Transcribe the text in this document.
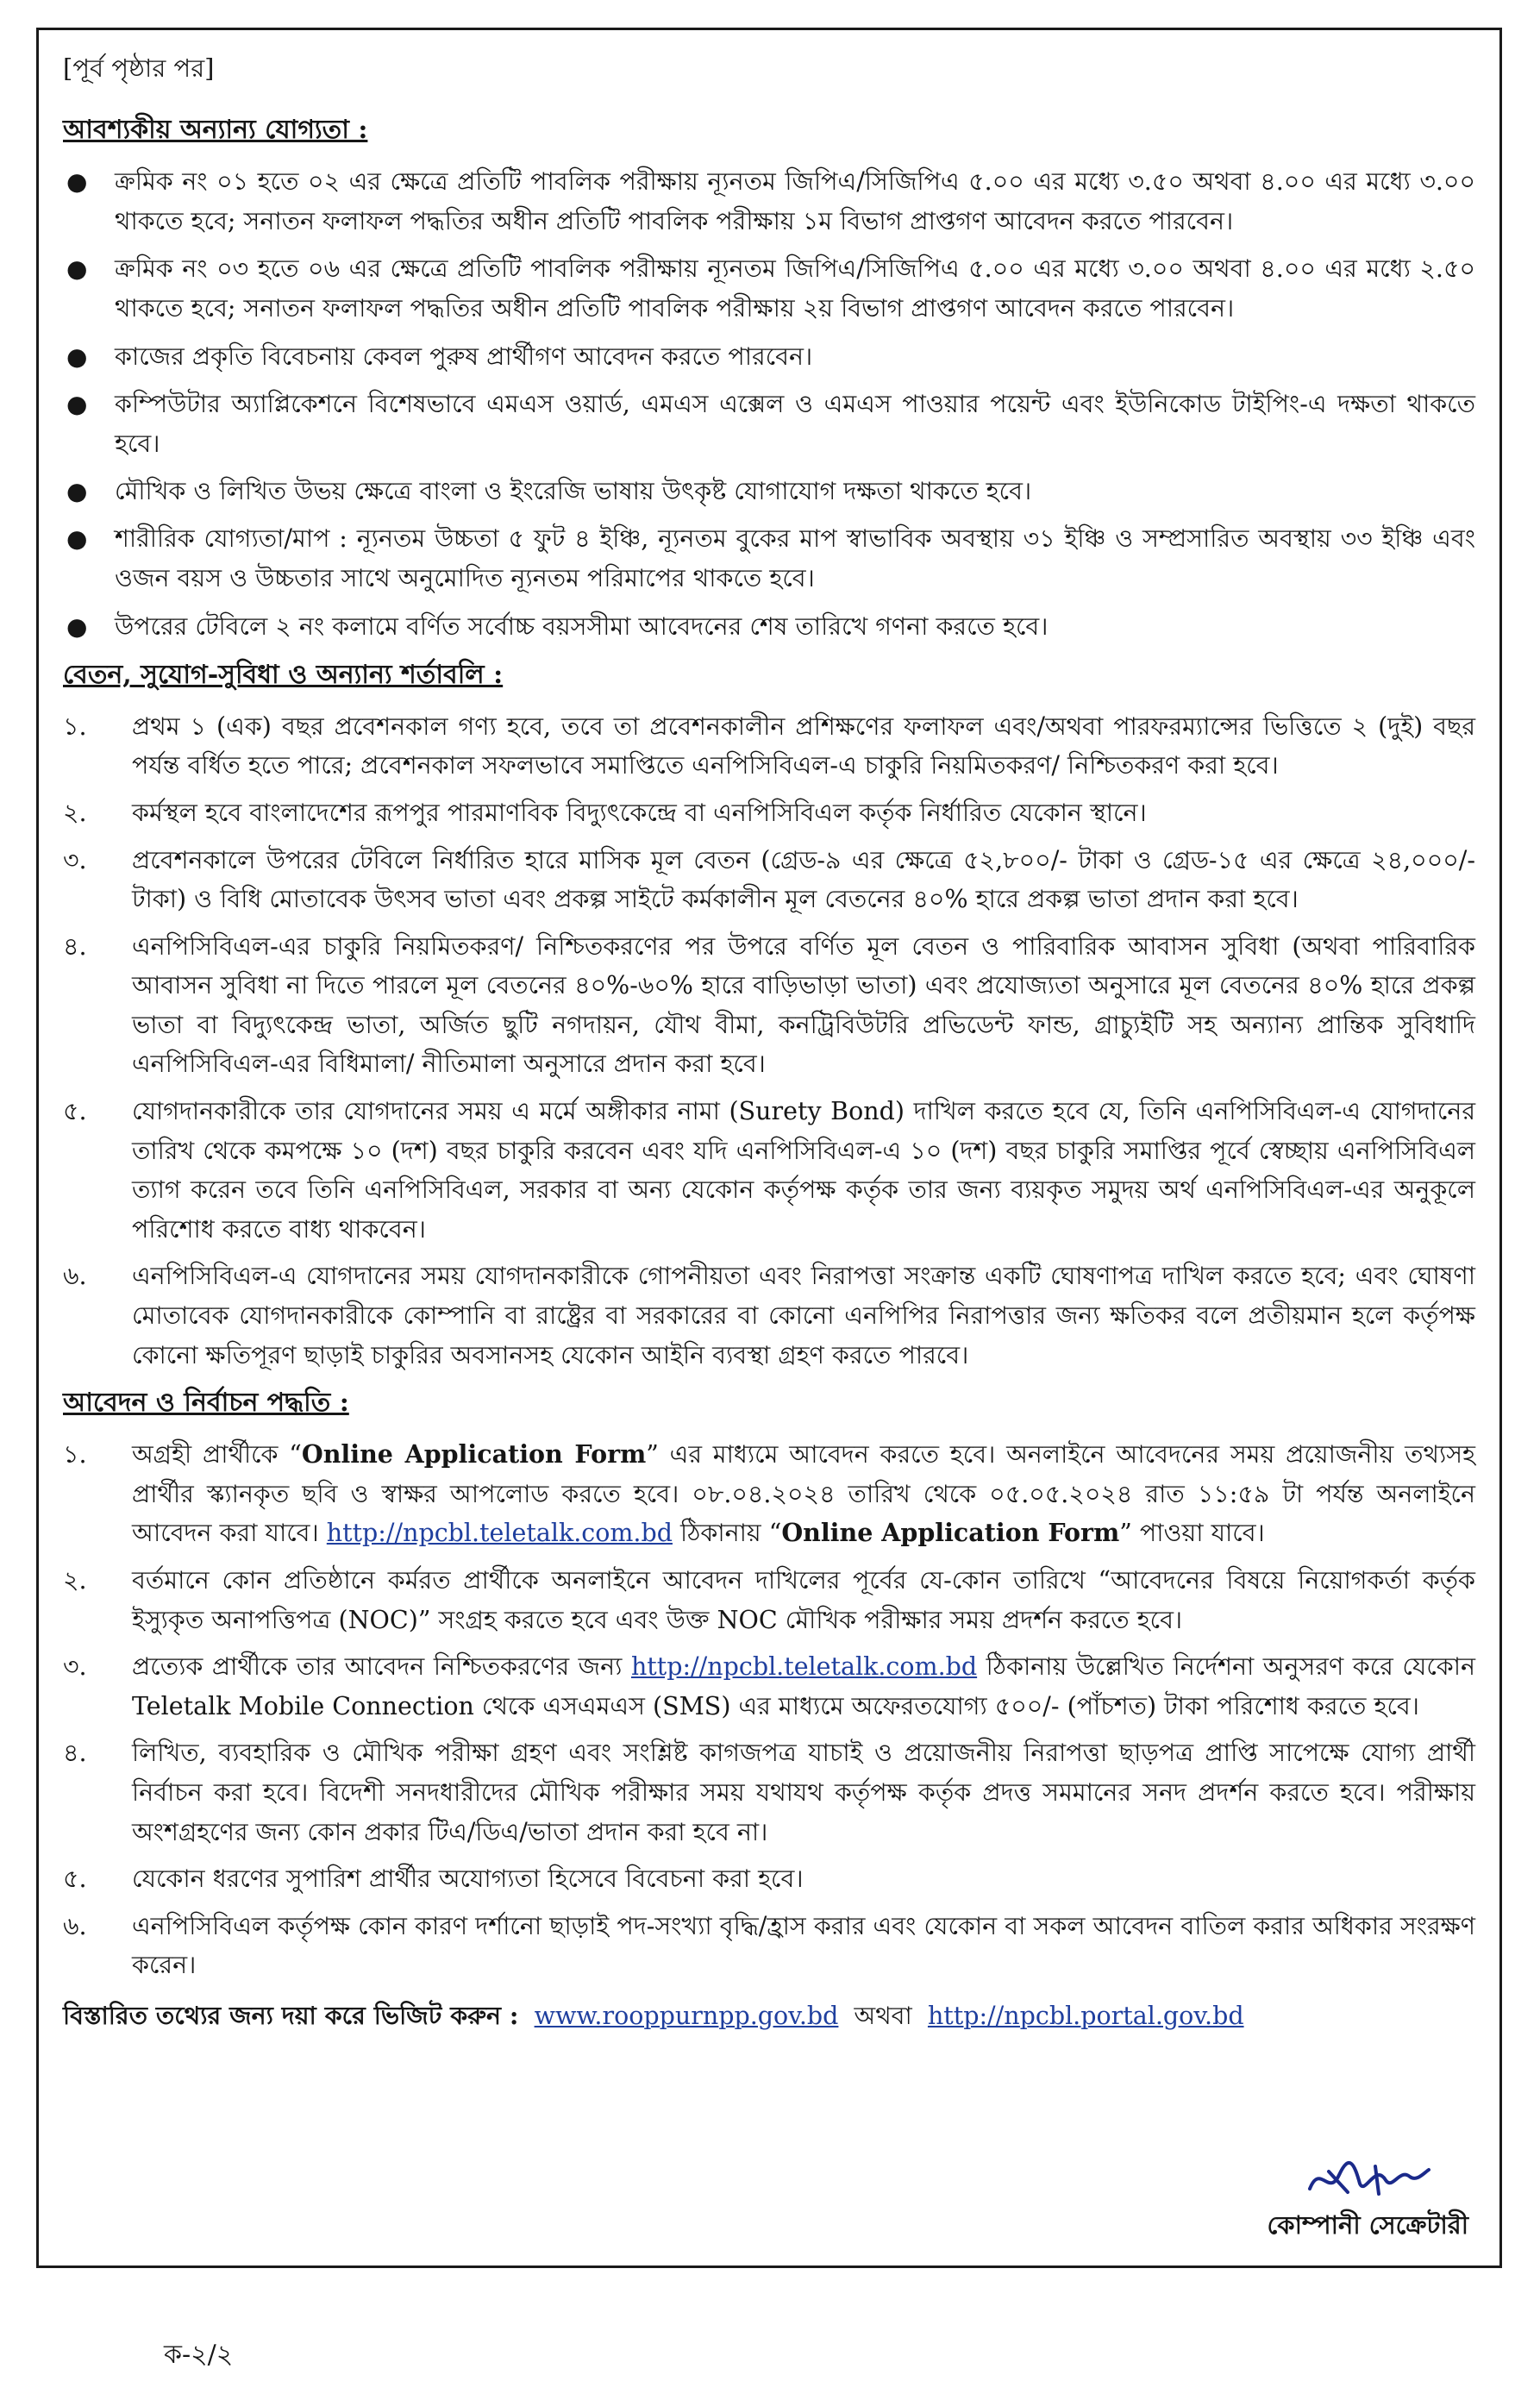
[পূর্ব পৃষ্ঠার পর]
আবশ্যকীয় অন্যান্য যোগ্যতা :
● ক্রমিক নং ০১ হতে ০২ এর ক্ষেত্রে প্রতিটি পাবলিক পরীক্ষায় ন্যূনতম জিপিএ/সিজিপিএ ৫.০০ এর মধ্যে ৩.৫০ অথবা ৪.০০ এর মধ্যে ৩.০০ থাকতে হবে; সনাতন ফলাফল পদ্ধতির অধীন প্রতিটি পাবলিক পরীক্ষায় ১ম বিভাগ প্রাপ্তগণ আবেদন করতে পারবেন।
● ক্রমিক নং ০৩ হতে ০৬ এর ক্ষেত্রে প্রতিটি পাবলিক পরীক্ষায় ন্যূনতম জিপিএ/সিজিপিএ ৫.০০ এর মধ্যে ৩.০০ অথবা ৪.০০ এর মধ্যে ২.৫০ থাকতে হবে; সনাতন ফলাফল পদ্ধতির অধীন প্রতিটি পাবলিক পরীক্ষায় ২য় বিভাগ প্রাপ্তগণ আবেদন করতে পারবেন।
● কাজের প্রকৃতি বিবেচনায় কেবল পুরুষ প্রার্থীগণ আবেদন করতে পারবেন।
● কম্পিউটার অ্যাপ্লিকেশনে বিশেষভাবে এমএস ওয়ার্ড, এমএস এক্সেল ও এমএস পাওয়ার পয়েন্ট এবং ইউনিকোড টাইপিং-এ দক্ষতা থাকতে হবে।
● মৌখিক ও লিখিত উভয় ক্ষেত্রে বাংলা ও ইংরেজি ভাষায় উৎকৃষ্ট যোগাযোগ দক্ষতা থাকতে হবে।
● শারীরিক যোগ্যতা/মাপ : ন্যূনতম উচ্চতা ৫ ফুট ৪ ইঞ্চি, ন্যূনতম বুকের মাপ স্বাভাবিক অবস্থায় ৩১ ইঞ্চি ও সম্প্রসারিত অবস্থায় ৩৩ ইঞ্চি এবং ওজন বয়স ও উচ্চতার সাথে অনুমোদিত ন্যূনতম পরিমাপের থাকতে হবে।
● উপরের টেবিলে ২ নং কলামে বর্ণিত সর্বোচ্চ বয়সসীমা আবেদনের শেষ তারিখে গণনা করতে হবে।
বেতন, সুযোগ-সুবিধা ও অন্যান্য শর্তাবলি :
১. প্রথম ১ (এক) বছর প্রবেশনকাল গণ্য হবে, তবে তা প্রবেশনকালীন প্রশিক্ষণের ফলাফল এবং/অথবা পারফরম্যান্সের ভিত্তিতে ২ (দুই) বছর পর্যন্ত বর্ধিত হতে পারে; প্রবেশনকাল সফলভাবে সমাপ্তিতে এনপিসিবিএল-এ চাকুরি নিয়মিতকরণ/ নিশ্চিতকরণ করা হবে।
২. কর্মস্থল হবে বাংলাদেশের রূপপুর পারমাণবিক বিদ্যুৎকেন্দ্রে বা এনপিসিবিএল কর্তৃক নির্ধারিত যেকোন স্থানে।
৩. প্রবেশনকালে উপরের টেবিলে নির্ধারিত হারে মাসিক মূল বেতন (গ্রেড-৯ এর ক্ষেত্রে ৫২,৮০০/- টাকা ও গ্রেড-১৫ এর ক্ষেত্রে ২৪,০০০/- টাকা) ও বিধি মোতাবেক উৎসব ভাতা এবং প্রকল্প সাইটে কর্মকালীন মূল বেতনের ৪০% হারে প্রকল্প ভাতা প্রদান করা হবে।
৪. এনপিসিবিএল-এর চাকুরি নিয়মিতকরণ/ নিশ্চিতকরণের পর উপরে বর্ণিত মূল বেতন ও পারিবারিক আবাসন সুবিধা (অথবা পারিবারিক আবাসন সুবিধা না দিতে পারলে মূল বেতনের ৪০%-৬০% হারে বাড়িভাড়া ভাতা) এবং প্রযোজ্যতা অনুসারে মূল বেতনের ৪০% হারে প্রকল্প ভাতা বা বিদ্যুৎকেন্দ্র ভাতা, অর্জিত ছুটি নগদায়ন, যৌথ বীমা, কনট্রিবিউটরি প্রভিডেন্ট ফান্ড, গ্রাচ্যুইটি সহ অন্যান্য প্রান্তিক সুবিধাদি এনপিসিবিএল-এর বিধিমালা/ নীতিমালা অনুসারে প্রদান করা হবে।
৫. যোগদানকারীকে তার যোগদানের সময় এ মর্মে অঙ্গীকার নামা (Surety Bond) দাখিল করতে হবে যে, তিনি এনপিসিবিএল-এ যোগদানের তারিখ থেকে কমপক্ষে ১০ (দশ) বছর চাকুরি করবেন এবং যদি এনপিসিবিএল-এ ১০ (দশ) বছর চাকুরি সমাপ্তির পূর্বে স্বেচ্ছায় এনপিসিবিএল ত্যাগ করেন তবে তিনি এনপিসিবিএল, সরকার বা অন্য যেকোন কর্তৃপক্ষ কর্তৃক তার জন্য ব্যয়কৃত সমুদয় অর্থ এনপিসিবিএল-এর অনুকূলে পরিশোধ করতে বাধ্য থাকবেন।
৬. এনপিসিবিএল-এ যোগদানের সময় যোগদানকারীকে গোপনীয়তা এবং নিরাপত্তা সংক্রান্ত একটি ঘোষণাপত্র দাখিল করতে হবে; এবং ঘোষণা মোতাবেক যোগদানকারীকে কোম্পানি বা রাষ্ট্রের বা সরকারের বা কোনো এনপিপির নিরাপত্তার জন্য ক্ষতিকর বলে প্রতীয়মান হলে কর্তৃপক্ষ কোনো ক্ষতিপূরণ ছাড়াই চাকুরির অবসানসহ যেকোন আইনি ব্যবস্থা গ্রহণ করতে পারবে।
আবেদন ও নির্বাচন পদ্ধতি :
১. অগ্রহী প্রার্থীকে “Online Application Form” এর মাধ্যমে আবেদন করতে হবে। অনলাইনে আবেদনের সময় প্রয়োজনীয় তথ্যসহ প্রার্থীর স্ক্যানকৃত ছবি ও স্বাক্ষর আপলোড করতে হবে। ০৮.০৪.২০২৪ তারিখ থেকে ০৫.০৫.২০২৪ রাত ১১:৫৯ টা পর্যন্ত অনলাইনে আবেদন করা যাবে। http://npcbl.teletalk.com.bd ঠিকানায় “Online Application Form” পাওয়া যাবে।
২. বর্তমানে কোন প্রতিষ্ঠানে কর্মরত প্রার্থীকে অনলাইনে আবেদন দাখিলের পূর্বের যে-কোন তারিখে “আবেদনের বিষয়ে নিয়োগকর্তা কর্তৃক ইস্যুকৃত অনাপত্তিপত্র (NOC)” সংগ্রহ করতে হবে এবং উক্ত NOC মৌখিক পরীক্ষার সময় প্রদর্শন করতে হবে।
৩. প্রত্যেক প্রার্থীকে তার আবেদন নিশ্চিতকরণের জন্য http://npcbl.teletalk.com.bd ঠিকানায় উল্লেখিত নির্দেশনা অনুসরণ করে যেকোন Teletalk Mobile Connection থেকে এসএমএস (SMS) এর মাধ্যমে অফেরতযোগ্য ৫০০/- (পাঁচশত) টাকা পরিশোধ করতে হবে।
৪. লিখিত, ব্যবহারিক ও মৌখিক পরীক্ষা গ্রহণ এবং সংশ্লিষ্ট কাগজপত্র যাচাই ও প্রয়োজনীয় নিরাপত্তা ছাড়পত্র প্রাপ্তি সাপেক্ষে যোগ্য প্রার্থী নির্বাচন করা হবে। বিদেশী সনদধারীদের মৌখিক পরীক্ষার সময় যথাযথ কর্তৃপক্ষ কর্তৃক প্রদত্ত সমমানের সনদ প্রদর্শন করতে হবে। পরীক্ষায় অংশগ্রহণের জন্য কোন প্রকার টিএ/ডিএ/ভাতা প্রদান করা হবে না।
৫. যেকোন ধরণের সুপারিশ প্রার্থীর অযোগ্যতা হিসেবে বিবেচনা করা হবে।
৬. এনপিসিবিএল কর্তৃপক্ষ কোন কারণ দর্শানো ছাড়াই পদ-সংখ্যা বৃদ্ধি/হ্রাস করার এবং যেকোন বা সকল আবেদন বাতিল করার অধিকার সংরক্ষণ করেন।
বিস্তারিত তথ্যের জন্য দয়া করে ভিজিট করুন : www.rooppurnpp.gov.bd অথবা http://npcbl.portal.gov.bd
কোম্পানী সেক্রেটারী
ক-২/২
